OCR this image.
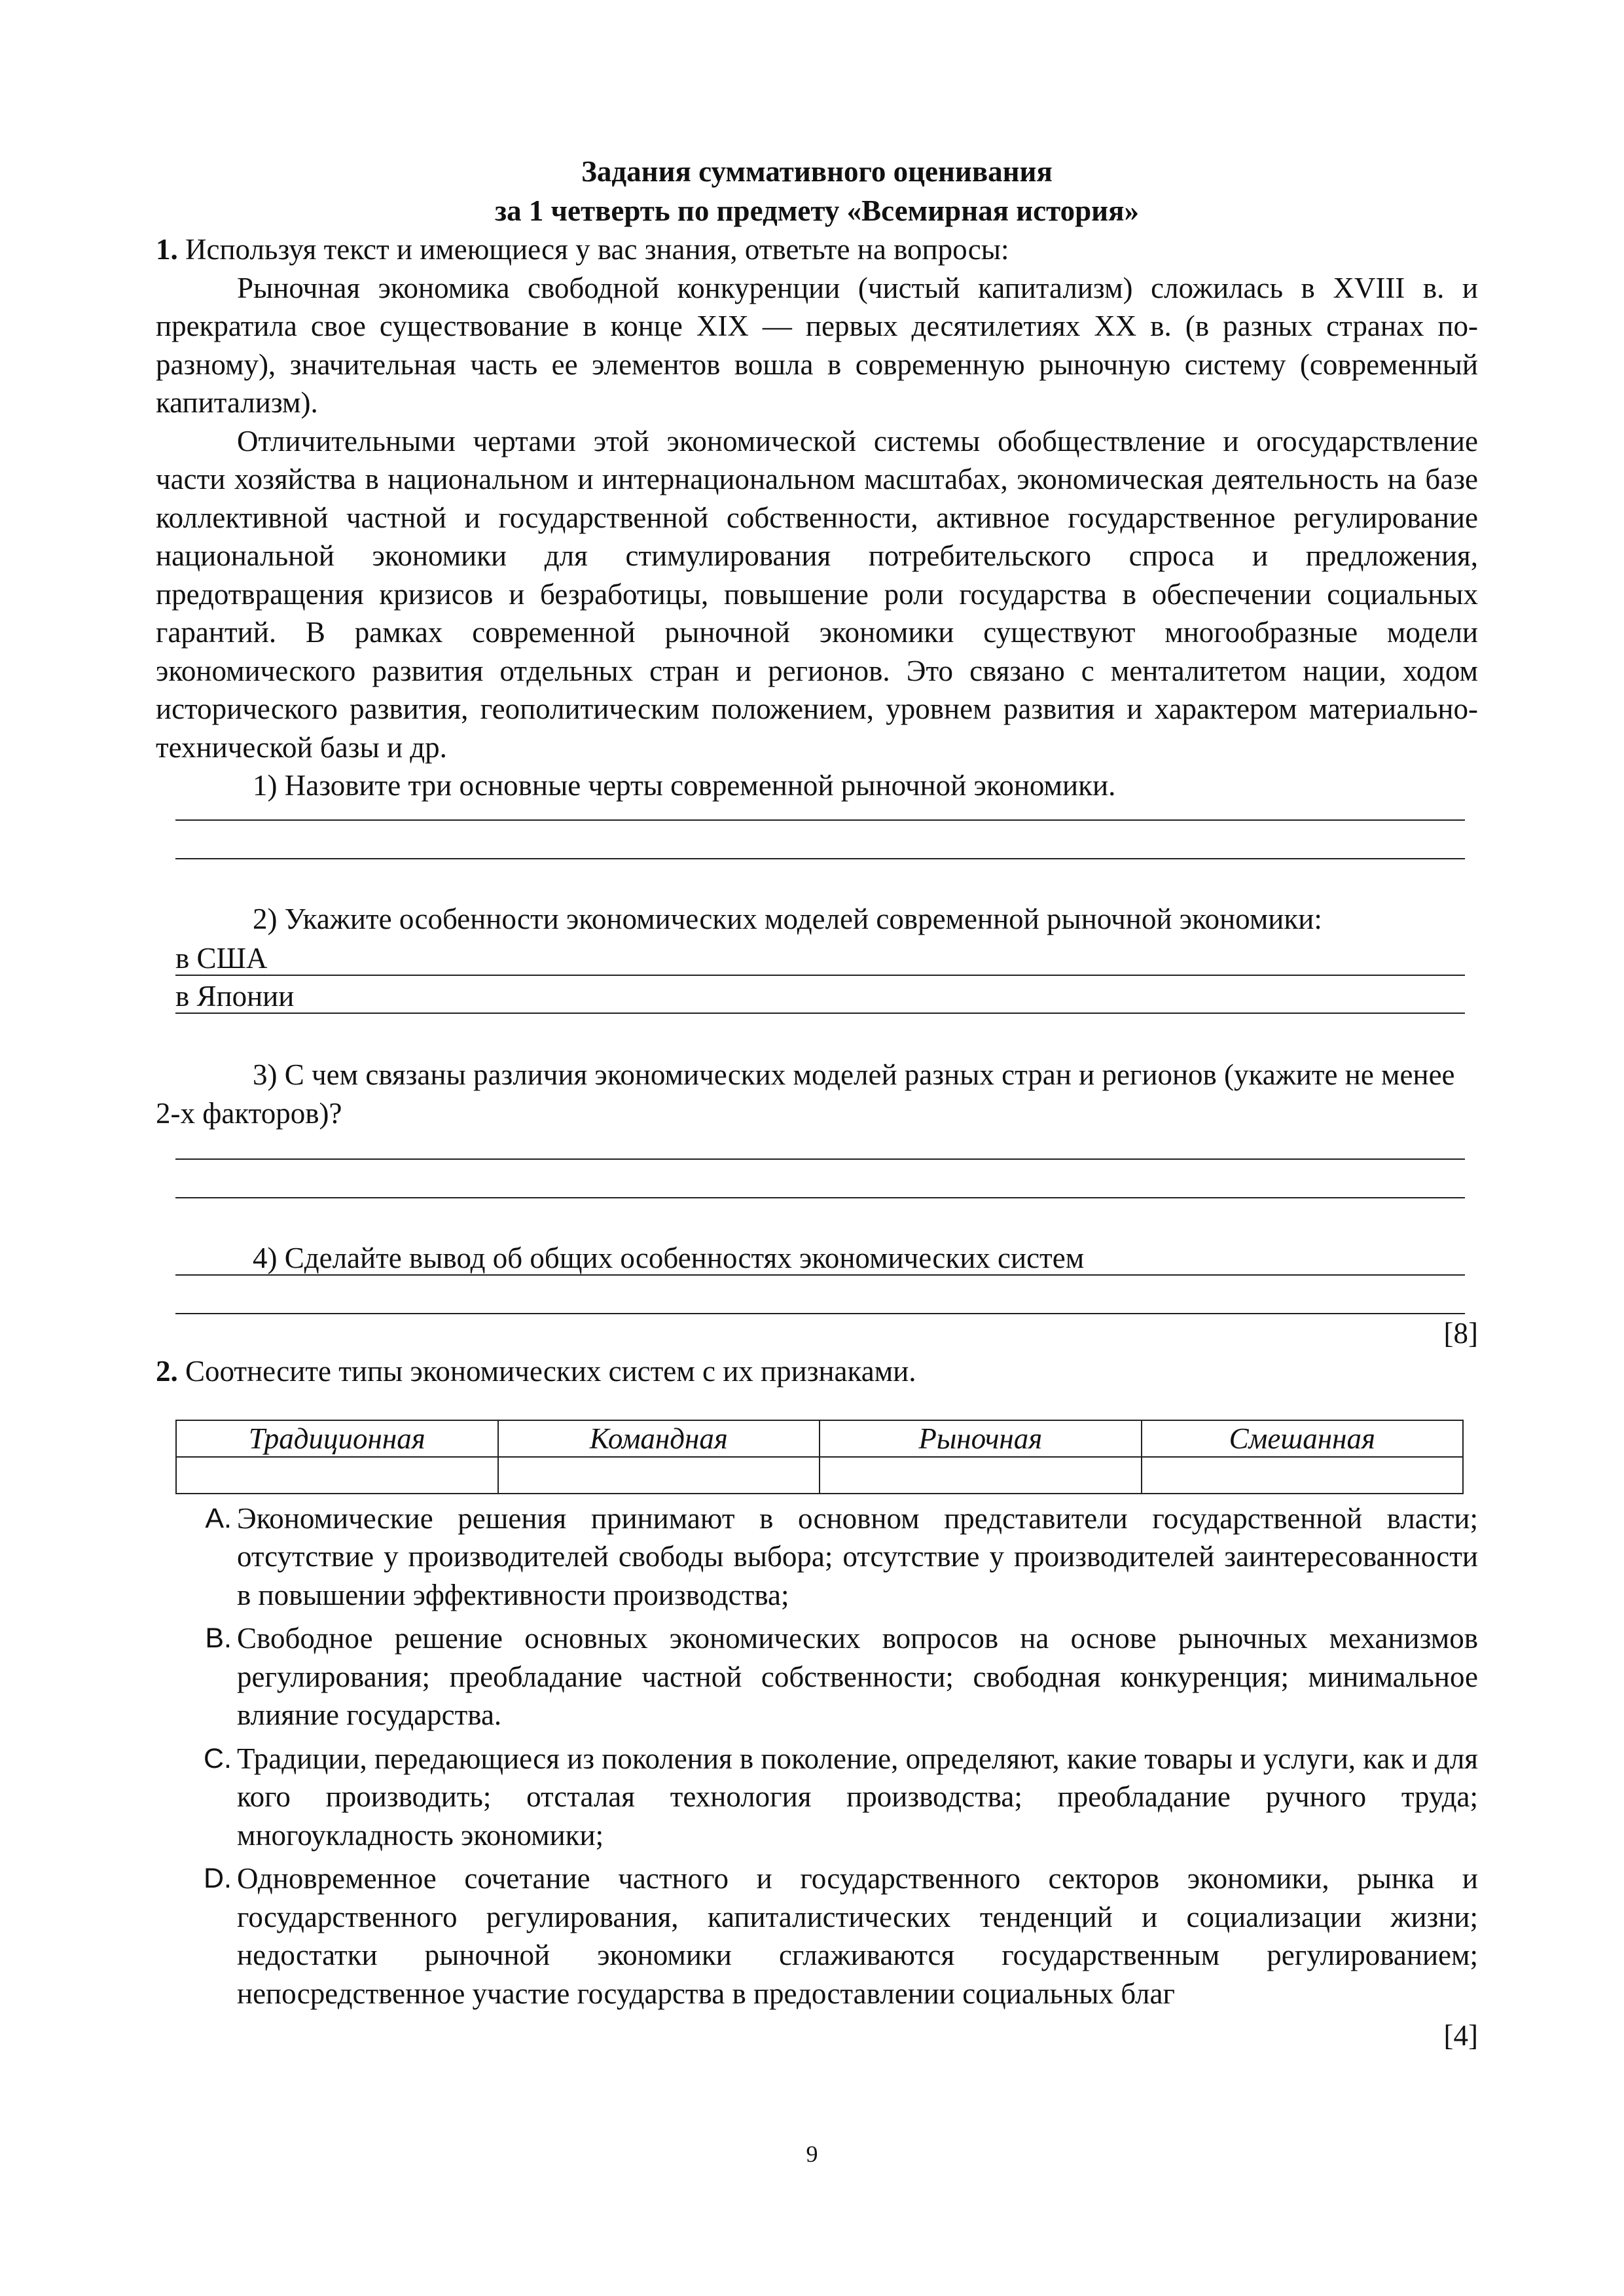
Задания суммативного оценивания

за 1 четверть по предмету «Всемирная история»

1. Используя текст и имеющиеся у вас знания, ответьте на вопросы:

Рыночная экономика свободной конкуренции (чистый капитализм) сложилась в XVIII в. и прекратила свое существование в конце XIX — первых десятилетиях XX в. (в разных странах по-разному), значительная часть ее элементов вошла в современную рыночную систему (современный капитализм).

Отличительными чертами этой экономической системы обобществление и огосударствление части хозяйства в национальном и интернациональном масштабах, экономическая деятельность на базе коллективной частной и государственной собственности, активное государственное регулирование национальной экономики для стимулирования потребительского спроса и предложения, предотвращения кризисов и безработицы, повышение роли государства в обеспечении социальных гарантий. В рамках современной рыночной экономики существуют многообразные модели экономического развития отдельных стран и регионов. Это связано с менталитетом нации, ходом исторического развития, геополитическим положением, уровнем развития и характером материально-технической базы и др.

1) Назовите три основные черты современной рыночной экономики.

2) Укажите особенности экономических моделей современной рыночной экономики:

в США
в Японии

3) С чем связаны различия экономических моделей разных стран и регионов (укажите не менее 2-х факторов)?

4) Сделайте вывод об общих особенностях экономических систем

[8]

2. Соотнесите типы экономических систем с их признаками.

Традиционная	Командная	Рыночная	Смешанная

A. Экономические решения принимают в основном представители государственной власти; отсутствие у производителей свободы выбора; отсутствие у производителей заинтересованности в повышении эффективности производства;
B. Свободное решение основных экономических вопросов на основе рыночных механизмов регулирования; преобладание частной собственности; свободная конкуренция; минимальное влияние государства.
C. Традиции, передающиеся из поколения в поколение, определяют, какие товары и услуги, как и для кого производить; отсталая технология производства; преобладание ручного труда; многоукладность экономики;
D. Одновременное сочетание частного и государственного секторов экономики, рынка и государственного регулирования, капиталистических тенденций и социализации жизни; недостатки рыночной экономики сглаживаются государственным регулированием; непосредственное участие государства в предоставлении социальных благ

[4]

9
